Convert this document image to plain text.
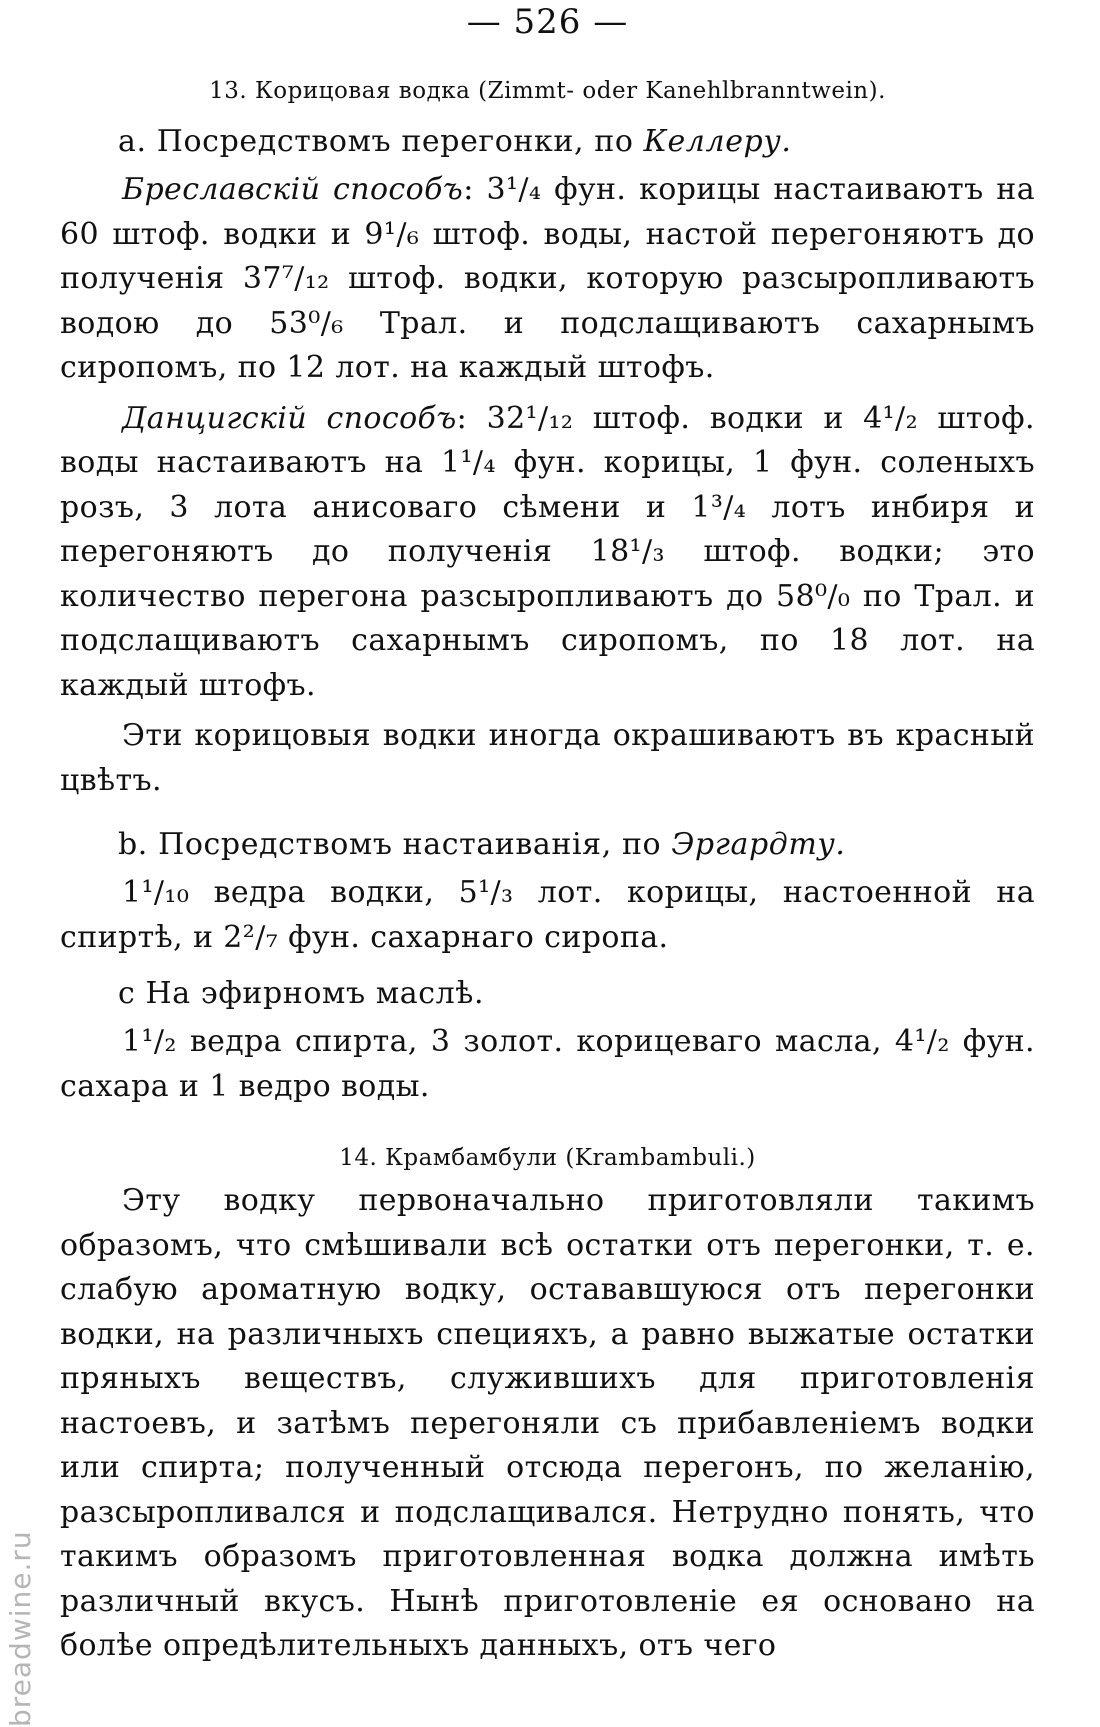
— 526 —
13. Корицовая водка (Zimmt- oder Kanehlbranntwein).
а. Посредствомъ перегонки, по Келлеру.

Бреславскій способъ: 3¹/₄ фун. корицы настаиваютъ на 60 штоф. водки и 9¹/₆ штоф. воды, настой перегоняютъ до полученія 37⁷/₁₂ штоф. водки, которую разсыропливаютъ водою до 53⁰/₆ Трал. и подслащиваютъ сахарнымъ сиропомъ, по 12 лот. на каждый штофъ.

Данцигскій способъ: 32¹/₁₂ штоф. водки и 4¹/₂ штоф. воды настаиваютъ на 1¹/₄ фун. корицы, 1 фун. соленыхъ розъ, 3 лота анисоваго сѣмени и 1³/₄ лотъ инбиря и перегоняютъ до полученія 18¹/₃ штоф. водки; это количество перегона разсыропливаютъ до 58⁰/₀ по Трал. и подслащиваютъ сахарнымъ сиропомъ, по 18 лот. на каждый штофъ.

Эти корицовыя водки иногда окрашиваютъ въ красный цвѣтъ.

b. Посредствомъ настаиванія, по Эргардту.

1¹/₁₀ ведра водки, 5¹/₃ лот. корицы, настоенной на спиртѣ, и 2²/₇ фун. сахарнаго сиропа.

с На эфирномъ маслѣ.

1¹/₂ ведра спирта, 3 золот. корицеваго масла, 4¹/₂ фун. сахара и 1 ведро воды.

14. Крамбамбули (Krambambuli.)

Эту водку первоначально приготовляли такимъ образомъ, что смѣшивали всѣ остатки отъ перегонки, т. е. слабую ароматную водку, остававшуюся отъ перегонки водки, на различныхъ специяхъ, а равно выжатые остатки пряныхъ веществъ, служившихъ для приготовленія настоевъ, и затѣмъ перегоняли съ прибавленіемъ водки или спирта; полученный отсюда перегонъ, по желанію, разсыропливался и подслащивался. Нетрудно понять, что такимъ образомъ приготовленная водка должна имѣть различный вкусъ. Нынѣ приготовленіе ея основано на болѣе опредѣлительныхъ данныхъ, отъ чего

breadwine.ru
